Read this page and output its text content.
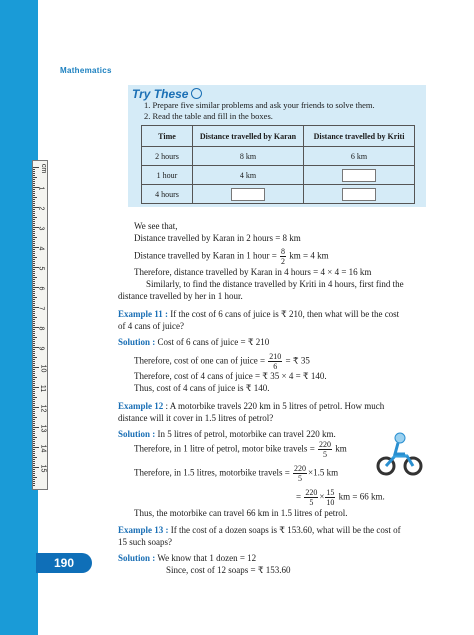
cm
1
2
3
4
5
6
7
8
9
10
11
12
13
14
15
Mathematics
Try These
1. Prepare five similar problems and ask your friends to solve them.
2. Read the table and fill in the boxes.
Time	Distance travelled by Karan	Distance travelled by Kriti
2 hours	8 km	6 km
1 hour	4 km	
4 hours		
We see that,
Distance travelled by Karan in 2 hours = 8 km
Distance travelled by Karan in 1 hour = $\frac{8}{2}$ km = 4 km
Therefore, distance travelled by Karan in 4 hours = 4 × 4 = 16 km
Similarly, to find the distance travelled by Kriti in 4 hours, first find the
distance travelled by her in 1 hour.
Example 11 : If the cost of 6 cans of juice is ₹ 210, then what will be the cost
of 4 cans of juice?
Solution : Cost of 6 cans of juice = ₹ 210
Therefore, cost of one can of juice = $\frac{210}{6}$ = ₹ 35
Therefore, cost of 4 cans of juice = ₹ 35 × 4 = ₹ 140.
Thus, cost of 4 cans of juice is ₹ 140.
Example 12 : A motorbike travels 220 km in 5 litres of petrol. How much
distance will it cover in 1.5 litres of petrol?
Solution : In 5 litres of petrol, motorbike can travel 220 km.
Therefore, in 1 litre of petrol, motor bike travels = $\frac{220}{5}$ km
Therefore, in 1.5 litres, motorbike travels = $\frac{220}{5} \times 1.5$ km
= $\frac{220}{5} \times \frac{15}{10}$ km = 66 km.
Thus, the motorbike can travel 66 km in 1.5 litres of petrol.
Example 13 : If the cost of a dozen soaps is ₹ 153.60, what will be the cost of
15 such soaps?
Solution : We know that 1 dozen = 12
Since, cost of 12 soaps = ₹ 153.60
190
